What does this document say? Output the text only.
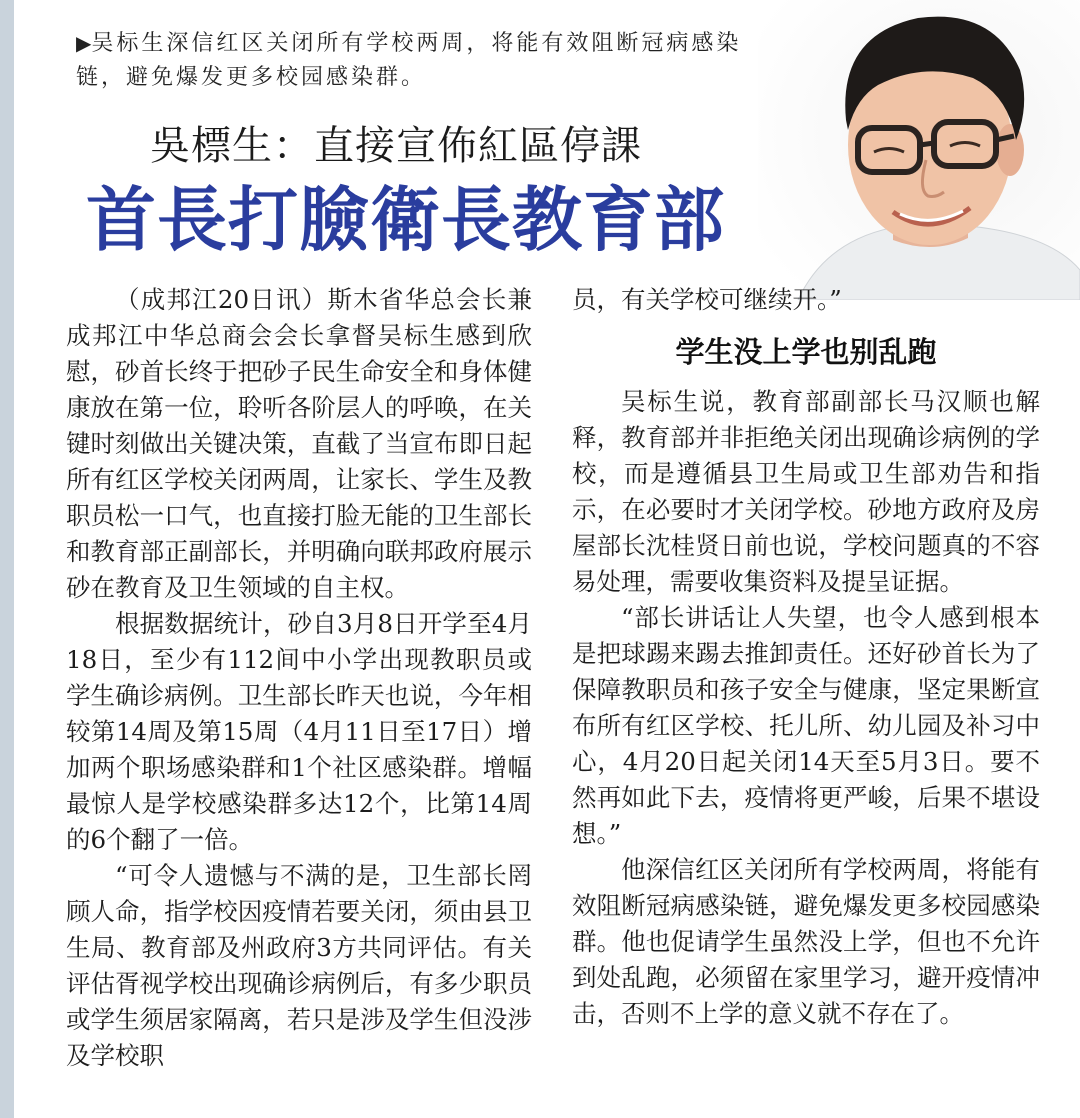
▶吴标生深信红区关闭所有学校两周，将能有效阻断冠病感染链，避免爆发更多校园感染群。
吳標生：直接宣佈紅區停課
首長打臉衛長教育部

（成邦江20日讯）斯木省华总会长兼成邦江中华总商会会长拿督吴标生感到欣慰，砂首长终于把砂子民生命安全和身体健康放在第一位，聆听各阶层人的呼唤，在关键时刻做出关键决策，直截了当宣布即日起所有红区学校关闭两周，让家长、学生及教职员松一口气，也直接打脸无能的卫生部长和教育部正副部长，并明确向联邦政府展示砂在教育及卫生领域的自主权。

根据数据统计，砂自3月8日开学至4月18日，至少有112间中小学出现教职员或学生确诊病例。卫生部长昨天也说，今年相较第14周及第15周（4月11日至17日）增加两个职场感染群和1个社区感染群。增幅最惊人是学校感染群多达12个，比第14周的6个翻了一倍。

“可令人遗憾与不满的是，卫生部长罔顾人命，指学校因疫情若要关闭，须由县卫生局、教育部及州政府3方共同评估。有关评估胥视学校出现确诊病例后，有多少职员或学生须居家隔离，若只是涉及学生但没涉及学校职

员，有关学校可继续开。”

学生没上学也别乱跑

吴标生说，教育部副部长马汉顺也解释，教育部并非拒绝关闭出现确诊病例的学校，而是遵循县卫生局或卫生部劝告和指示，在必要时才关闭学校。砂地方政府及房屋部长沈桂贤日前也说，学校问题真的不容易处理，需要收集资料及提呈证据。

“部长讲话让人失望，也令人感到根本是把球踢来踢去推卸责任。还好砂首长为了保障教职员和孩子安全与健康，坚定果断宣布所有红区学校、托儿所、幼儿园及补习中心，4月20日起关闭14天至5月3日。要不然再如此下去，疫情将更严峻，后果不堪设想。”

他深信红区关闭所有学校两周，将能有效阻断冠病感染链，避免爆发更多校园感染群。他也促请学生虽然没上学，但也不允许到处乱跑，必须留在家里学习，避开疫情冲击，否则不上学的意义就不存在了。
